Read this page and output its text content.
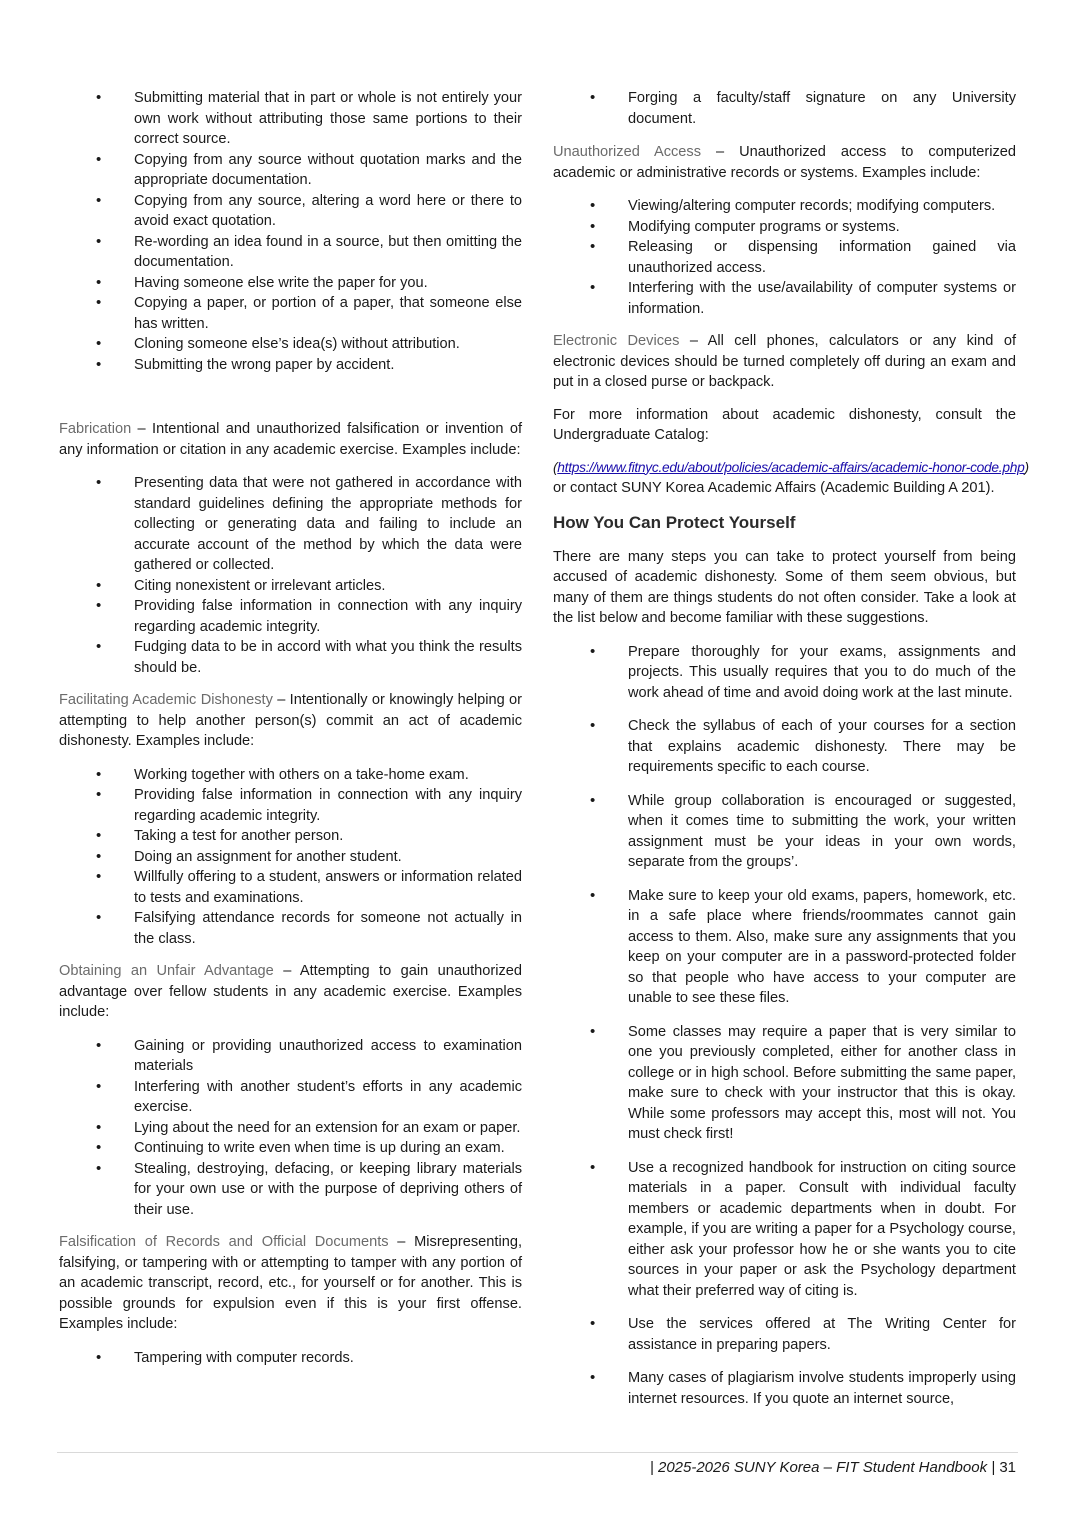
• Submitting material that in part or whole is not entirely your own work without attributing those same portions to their correct source.
• Copying from any source without quotation marks and the appropriate documentation.
• Copying from any source, altering a word here or there to avoid exact quotation.
• Re-wording an idea found in a source, but then omitting the documentation.
• Having someone else write the paper for you.
• Copying a paper, or portion of a paper, that someone else has written.
• Cloning someone else’s idea(s) without attribution.
• Submitting the wrong paper by accident.

Fabrication – Intentional and unauthorized falsification or invention of any information or citation in any academic exercise. Examples include:

• Presenting data that were not gathered in accordance with standard guidelines defining the appropriate methods for collecting or generating data and failing to include an accurate account of the method by which the data were gathered or collected.
• Citing nonexistent or irrelevant articles.
• Providing false information in connection with any inquiry regarding academic integrity.
• Fudging data to be in accord with what you think the results should be.

Facilitating Academic Dishonesty – Intentionally or knowingly helping or attempting to help another person(s) commit an act of academic dishonesty. Examples include:

• Working together with others on a take-home exam.
• Providing false information in connection with any inquiry regarding academic integrity.
• Taking a test for another person.
• Doing an assignment for another student.
• Willfully offering to a student, answers or information related to tests and examinations.
• Falsifying attendance records for someone not actually in the class.

Obtaining an Unfair Advantage – Attempting to gain unauthorized advantage over fellow students in any academic exercise. Examples include:

• Gaining or providing unauthorized access to examination materials
• Interfering with another student’s efforts in any academic exercise.
• Lying about the need for an extension for an exam or paper.
• Continuing to write even when time is up during an exam.
• Stealing, destroying, defacing, or keeping library materials for your own use or with the purpose of depriving others of their use.

Falsification of Records and Official Documents – Misrepresenting, falsifying, or tampering with or attempting to tamper with any portion of an academic transcript, record, etc., for yourself or for another. This is possible grounds for expulsion even if this is your first offense. Examples include:

• Tampering with computer records.
• Forging a faculty/staff signature on any University document.

Unauthorized Access – Unauthorized access to computerized academic or administrative records or systems. Examples include:

• Viewing/altering computer records; modifying computers.
• Modifying computer programs or systems.
• Releasing or dispensing information gained via unauthorized access.
• Interfering with the use/availability of computer systems or information.

Electronic Devices – All cell phones, calculators or any kind of electronic devices should be turned completely off during an exam and put in a closed purse or backpack.

For more information about academic dishonesty, consult the Undergraduate Catalog:

(https://www.fitnyc.edu/about/policies/academic-affairs/academic-honor-code.php)

or contact SUNY Korea Academic Affairs (Academic Building A 201).

How You Can Protect Yourself

There are many steps you can take to protect yourself from being accused of academic dishonesty. Some of them seem obvious, but many of them are things students do not often consider. Take a look at the list below and become familiar with these suggestions.

• Prepare thoroughly for your exams, assignments and projects. This usually requires that you to do much of the work ahead of time and avoid doing work at the last minute.
• Check the syllabus of each of your courses for a section that explains academic dishonesty. There may be requirements specific to each course.
• While group collaboration is encouraged or suggested, when it comes time to submitting the work, your written assignment must be your ideas in your own words, separate from the groups’.
• Make sure to keep your old exams, papers, homework, etc. in a safe place where friends/roommates cannot gain access to them. Also, make sure any assignments that you keep on your computer are in a password-protected folder so that people who have access to your computer are unable to see these files.
• Some classes may require a paper that is very similar to one you previously completed, either for another class in college or in high school. Before submitting the same paper, make sure to check with your instructor that this is okay. While some professors may accept this, most will not. You must check first!
• Use a recognized handbook for instruction on citing source materials in a paper. Consult with individual faculty members or academic departments when in doubt. For example, if you are writing a paper for a Psychology course, either ask your professor how he or she wants you to cite sources in your paper or ask the Psychology department what their preferred way of citing is.
• Use the services offered at The Writing Center for assistance in preparing papers.
• Many cases of plagiarism involve students improperly using internet resources. If you quote an internet source,
| 2025-2026 SUNY Korea – FIT Student Handbook | 31
